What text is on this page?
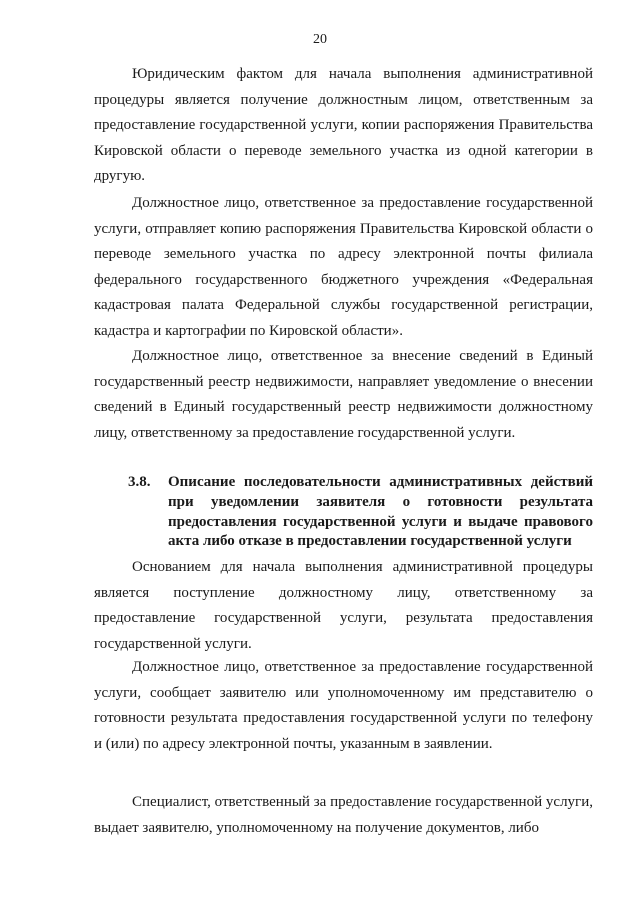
20

Юридическим фактом для начала выполнения административной процедуры является получение должностным лицом, ответственным за предоставление государственной услуги, копии распоряжения Правительства Кировской области о переводе земельного участка из одной категории в другую.

Должностное лицо, ответственное за предоставление государственной услуги, отправляет копию распоряжения Правительства Кировской области о переводе земельного участка по адресу электронной почты филиала федерального государственного бюджетного учреждения «Федеральная кадастровая палата Федеральной службы государственной регистрации, кадастра и картографии по Кировской области».

Должностное лицо, ответственное за внесение сведений в Единый государственный реестр недвижимости, направляет уведомление о внесении сведений в Единый государственный реестр недвижимости должностному лицу, ответственному за предоставление государственной услуги.

3.8. Описание последовательности административных действий при уведомлении заявителя о готовности результата предоставления государственной услуги и выдаче правового акта либо отказе в предоставлении государственной услуги

Основанием для начала выполнения административной процедуры является поступление должностному лицу, ответственному за предоставление государственной услуги, результата предоставления государственной услуги.

Должностное лицо, ответственное за предоставление государственной услуги, сообщает заявителю или уполномоченному им представителю о готовности результата предоставления государственной услуги по телефону и (или) по адресу электронной почты, указанным в заявлении.

Специалист, ответственный за предоставление государственной услуги, выдает заявителю, уполномоченному на получение документов, либо
